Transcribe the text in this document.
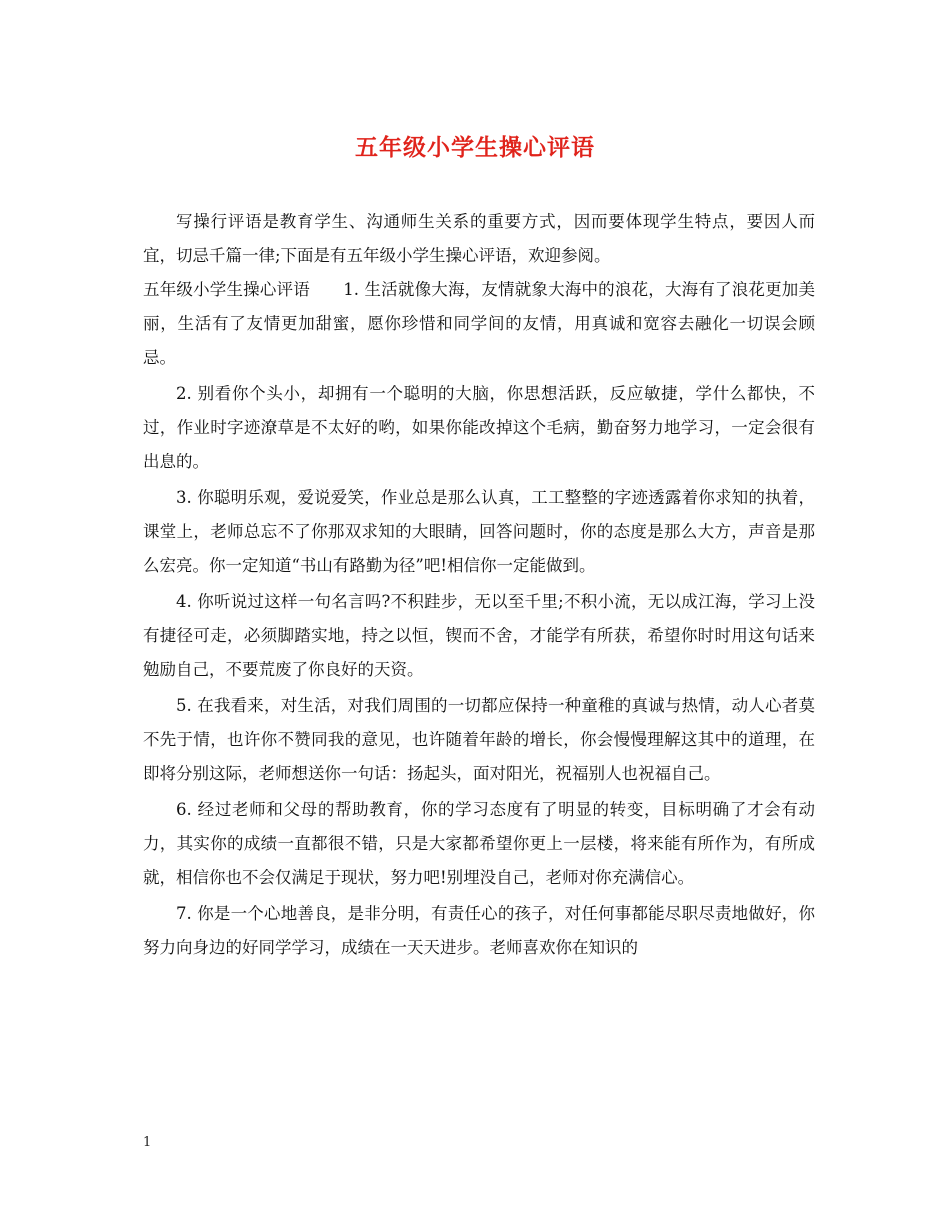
五年级小学生操心评语

写操行评语是教育学生、沟通师生关系的重要方式，因而要体现学生特点，要因人而宜，切忌千篇一律;下面是有五年级小学生操心评语，欢迎参阅。

五年级小学生操心评语　　1. 生活就像大海，友情就象大海中的浪花，大海有了浪花更加美丽，生活有了友情更加甜蜜，愿你珍惜和同学间的友情，用真诚和宽容去融化一切误会顾忌。

2. 别看你个头小，却拥有一个聪明的大脑，你思想活跃，反应敏捷，学什么都快，不过，作业时字迹潦草是不太好的哟，如果你能改掉这个毛病，勤奋努力地学习，一定会很有出息的。

3. 你聪明乐观，爱说爱笑，作业总是那么认真，工工整整的字迹透露着你求知的执着，课堂上，老师总忘不了你那双求知的大眼睛，回答问题时，你的态度是那么大方，声音是那么宏亮。你一定知道“书山有路勤为径”吧!相信你一定能做到。

4. 你听说过这样一句名言吗?不积跬步，无以至千里;不积小流，无以成江海，学习上没有捷径可走，必须脚踏实地，持之以恒，锲而不舍，才能学有所获，希望你时时用这句话来勉励自己，不要荒废了你良好的天资。

5. 在我看来，对生活，对我们周围的一切都应保持一种童稚的真诚与热情，动人心者莫不先于情，也许你不赞同我的意见，也许随着年龄的增长，你会慢慢理解这其中的道理，在即将分别这际，老师想送你一句话：扬起头，面对阳光，祝福别人也祝福自己。

6. 经过老师和父母的帮助教育，你的学习态度有了明显的转变，目标明确了才会有动力，其实你的成绩一直都很不错，只是大家都希望你更上一层楼，将来能有所作为，有所成就，相信你也不会仅满足于现状，努力吧!别埋没自己，老师对你充满信心。

7. 你是一个心地善良，是非分明，有责任心的孩子，对任何事都能尽职尽责地做好，你努力向身边的好同学学习，成绩在一天天进步。老师喜欢你在知识的

1
